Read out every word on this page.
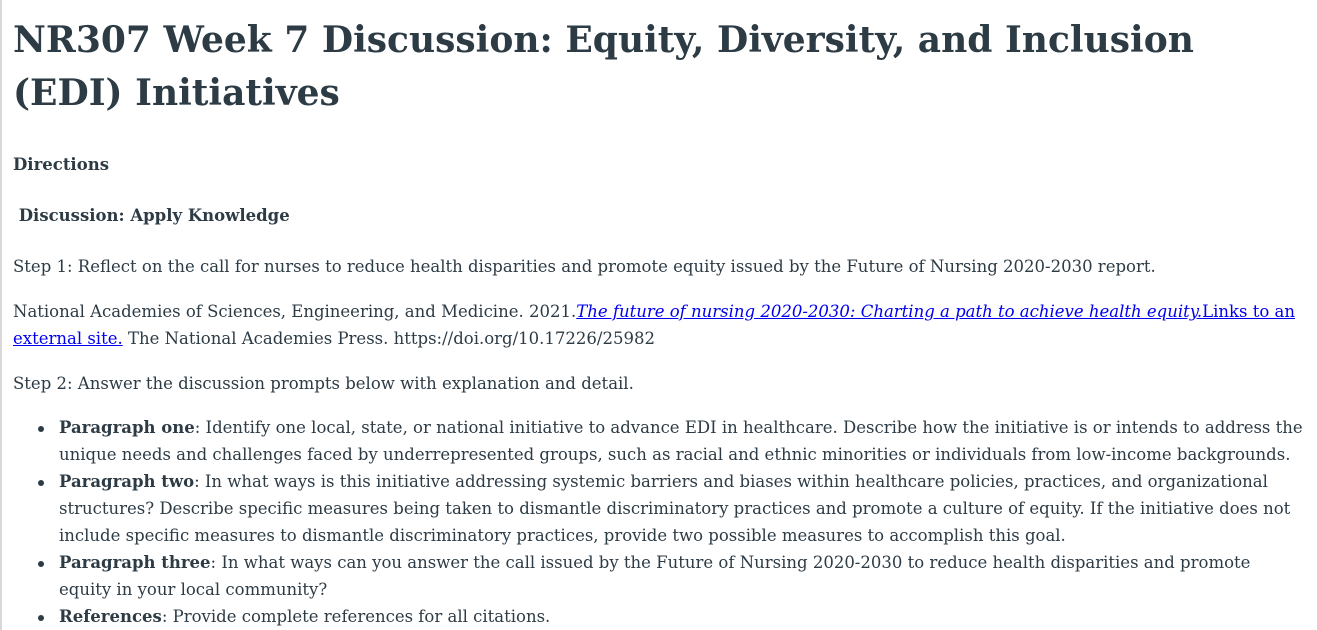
NR307 Week 7 Discussion: Equity, Diversity, and Inclusion (EDI) Initiatives

Directions

Discussion: Apply Knowledge

Step 1: Reflect on the call for nurses to reduce health disparities and promote equity issued by the Future of Nursing 2020-2030 report.

National Academies of Sciences, Engineering, and Medicine. 2021.The future of nursing 2020-2030: Charting a path to achieve health equity.Links to an external site. The National Academies Press. https://doi.org/10.17226/25982

Step 2: Answer the discussion prompts below with explanation and detail.

Paragraph one: Identify one local, state, or national initiative to advance EDI in healthcare. Describe how the initiative is or intends to address the unique needs and challenges faced by underrepresented groups, such as racial and ethnic minorities or individuals from low-income backgrounds.
Paragraph two: In what ways is this initiative addressing systemic barriers and biases within healthcare policies, practices, and organizational structures? Describe specific measures being taken to dismantle discriminatory practices and promote a culture of equity. If the initiative does not include specific measures to dismantle discriminatory practices, provide two possible measures to accomplish this goal.
Paragraph three: In what ways can you answer the call issued by the Future of Nursing 2020-2030 to reduce health disparities and promote equity in your local community?
References: Provide complete references for all citations.
